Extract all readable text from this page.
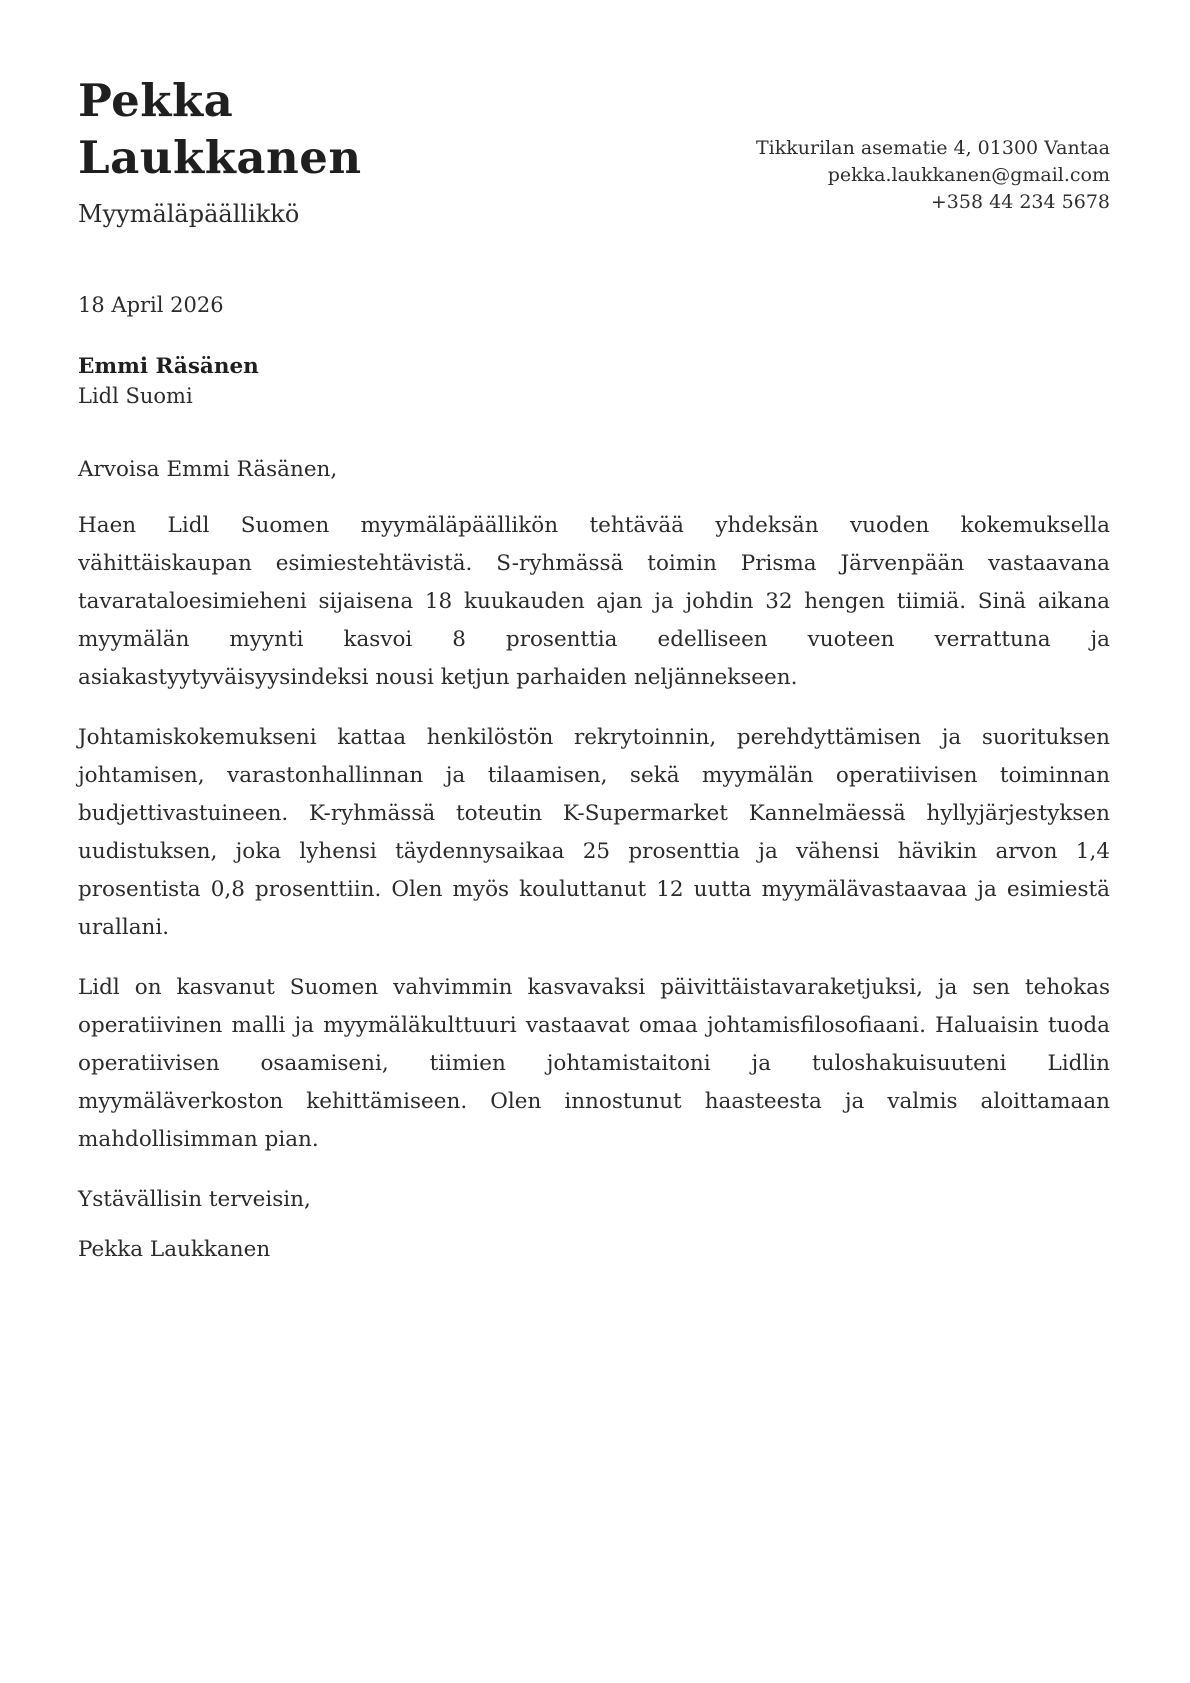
Pekka
Laukkanen
Myymäläpäällikkö
Tikkurilan asematie 4, 01300 Vantaa
pekka.laukkanen@gmail.com
+358 44 234 5678
18 April 2026
Emmi Räsänen
Lidl Suomi
Arvoisa Emmi Räsänen,

Haen Lidl Suomen myymäläpäällikön tehtävää yhdeksän vuoden kokemuksella vähittäiskaupan esimiestehtävistä. S-ryhmässä toimin Prisma Järvenpään vastaavana tavarataloesimieheni sijaisena 18 kuukauden ajan ja johdin 32 hengen tiimiä. Sinä aikana myymälän myynti kasvoi 8 prosenttia edelliseen vuoteen verrattuna ja asiakastyytyväisyysindeksi nousi ketjun parhaiden neljännekseen.

Johtamiskokemukseni kattaa henkilöstön rekrytoinnin, perehdyttämisen ja suorituksen johtamisen, varastonhallinnan ja tilaamisen, sekä myymälän operatiivisen toiminnan budjettivastuineen. K-ryhmässä toteutin K-Supermarket Kannelmäessä hyllyjärjestyksen uudistuksen, joka lyhensi täydennysaikaa 25 prosenttia ja vähensi hävikin arvon 1,4 prosentista 0,8 prosenttiin. Olen myös kouluttanut 12 uutta myymälävastaavaa ja esimiestä urallani.

Lidl on kasvanut Suomen vahvimmin kasvavaksi päivittäistavaraketjuksi, ja sen tehokas operatiivinen malli ja myymäläkulttuuri vastaavat omaa johtamisfilosofiaani. Haluaisin tuoda operatiivisen osaamiseni, tiimien johtamistaitoni ja tuloshakuisuuteni Lidlin myymäläverkoston kehittämiseen. Olen innostunut haasteesta ja valmis aloittamaan mahdollisimman pian.

Ystävällisin terveisin,
Pekka Laukkanen
